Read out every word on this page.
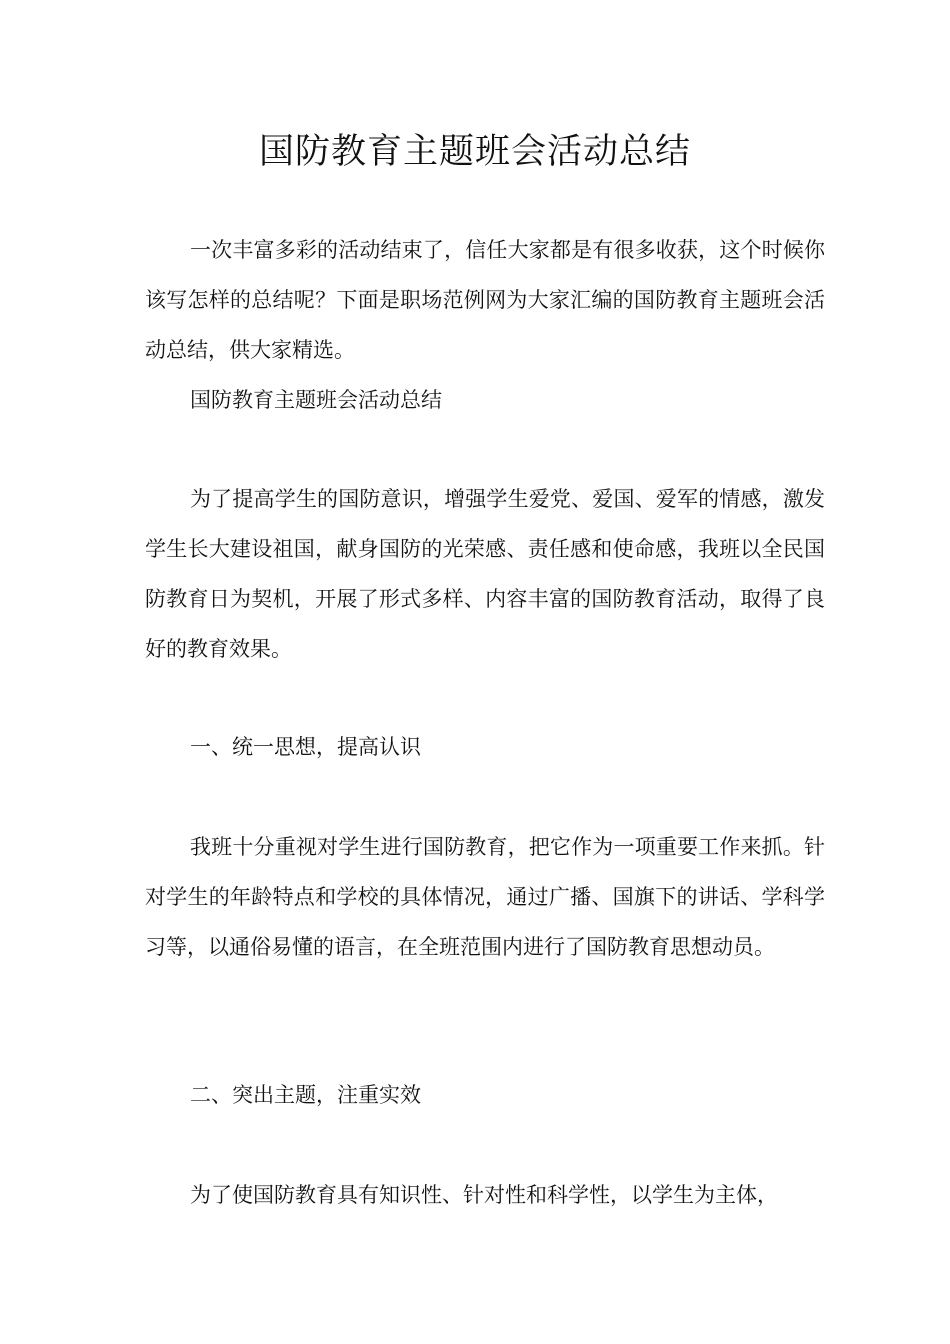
国防教育主题班会活动总结

一次丰富多彩的活动结束了，信任大家都是有很多收获，这个时候你该写怎样的总结呢？下面是职场范例网为大家汇编的国防教育主题班会活动总结，供大家精选。

国防教育主题班会活动总结

为了提高学生的国防意识，增强学生爱党、爱国、爱军的情感，激发学生长大建设祖国，献身国防的光荣感、责任感和使命感，我班以全民国防教育日为契机，开展了形式多样、内容丰富的国防教育活动，取得了良好的教育效果。

一、统一思想，提高认识

我班十分重视对学生进行国防教育，把它作为一项重要工作来抓。针对学生的年龄特点和学校的具体情况，通过广播、国旗下的讲话、学科学习等，以通俗易懂的语言，在全班范围内进行了国防教育思想动员。

二、突出主题，注重实效

为了使国防教育具有知识性、针对性和科学性，以学生为主体，
